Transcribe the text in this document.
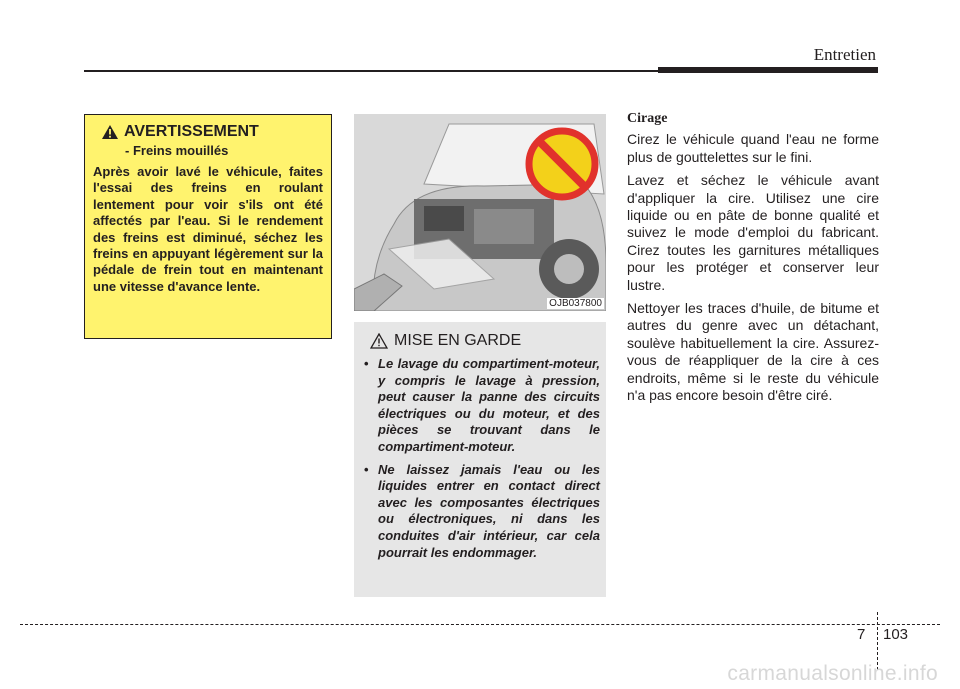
Entretien
AVERTISSEMENT
- Freins mouillés
Après avoir lavé le véhicule, faites l'essai des freins en roulant lentement pour voir s'ils ont été affectés par l'eau. Si le rendement des freins est diminué, séchez les freins en appuyant légèrement sur la pédale de frein tout en maintenant une vitesse d'avance lente.
OJB037800
MISE EN GARDE
• Le lavage du compartiment-moteur, y compris le lavage à pression, peut causer la panne des circuits électriques ou du moteur, et des pièces se trouvant dans le compartiment-moteur.
• Ne laissez jamais l'eau ou les liquides entrer en contact direct avec les composantes électriques ou électroniques, ni dans les conduites d'air intérieur, car cela pourrait les endommager.
Cirage

Cirez le véhicule quand l'eau ne forme plus de gouttelettes sur le fini.

Lavez et séchez le véhicule avant d'appliquer la cire. Utilisez une cire liquide ou en pâte de bonne qualité et suivez le mode d'emploi du fabricant. Cirez toutes les garnitures métalliques pour les protéger et conserver leur lustre.

Nettoyer les traces d'huile, de bitume et autres du genre avec un détachant, soulève habituellement la cire. Assurez-vous de réappliquer de la cire à ces endroits, même si le reste du véhicule n'a pas encore besoin d'être ciré.

7 103
carmanualsonline.info
